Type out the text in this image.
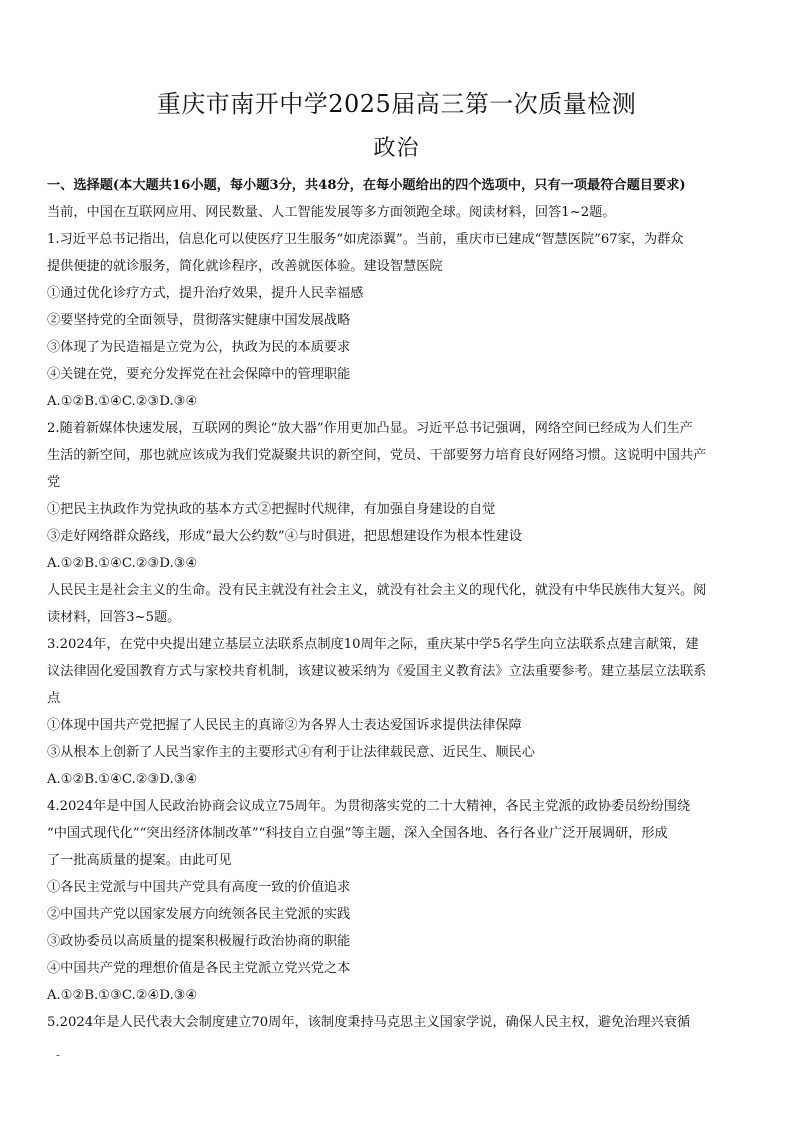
重庆市南开中学2025届高三第一次质量检测
政治

一、选择题(本大题共16小题，每小题3分，共48分，在每小题给出的四个选项中，只有一项最符合题目要求)

当前，中国在互联网应用、网民数量、人工智能发展等多方面领跑全球。阅读材料，回答1~2题。

1.习近平总书记指出，信息化可以使医疗卫生服务“如虎添翼”。当前，重庆市已建成“智慧医院”67家，为群众

提供便捷的就诊服务，简化就诊程序，改善就医体验。建设智慧医院

①通过优化诊疗方式，提升治疗效果，提升人民幸福感

②要坚持党的全面领导，贯彻落实健康中国发展战略

③体现了为民造福是立党为公，执政为民的本质要求

④关键在党，要充分发挥党在社会保障中的管理职能

A.①②B.①④C.②③D.③④

2.随着新媒体快速发展，互联网的舆论“放大器”作用更加凸显。习近平总书记强调，网络空间已经成为人们生产

生活的新空间，那也就应该成为我们党凝聚共识的新空间，党员、干部要努力培育良好网络习惯。这说明中国共产

党

①把民主执政作为党执政的基本方式②把握时代规律，有加强自身建设的自觉

③走好网络群众路线，形成“最大公约数”④与时俱进，把思想建设作为根本性建设

A.①②B.①④C.②③D.③④

人民民主是社会主义的生命。没有民主就没有社会主义，就没有社会主义的现代化，就没有中华民族伟大复兴。阅

读材料，回答3~5题。

3.2024年，在党中央提出建立基层立法联系点制度10周年之际，重庆某中学5名学生向立法联系点建言献策，建

议法律固化爱国教育方式与家校共育机制，该建议被采纳为《爱国主义教育法》立法重要参考。建立基层立法联系

点

①体现中国共产党把握了人民民主的真谛②为各界人士表达爱国诉求提供法律保障

③从根本上创新了人民当家作主的主要形式④有利于让法律载民意、近民生、顺民心

A.①②B.①④C.②③D.③④

4.2024年是中国人民政治协商会议成立75周年。为贯彻落实党的二十大精神，各民主党派的政协委员纷纷围绕

“中国式现代化”“突出经济体制改革”“科技自立自强”等主题，深入全国各地、各行各业广泛开展调研，形成

了一批高质量的提案。由此可见

①各民主党派与中国共产党具有高度一致的价值追求

②中国共产党以国家发展方向统领各民主党派的实践

③政协委员以高质量的提案积极履行政治协商的职能

④中国共产党的理想价值是各民主党派立党兴党之本

A.①②B.①③C.②④D.③④

5.2024年是人民代表大会制度建立70周年，该制度秉持马克思主义国家学说，确保人民主权，避免治理兴衰循

-
